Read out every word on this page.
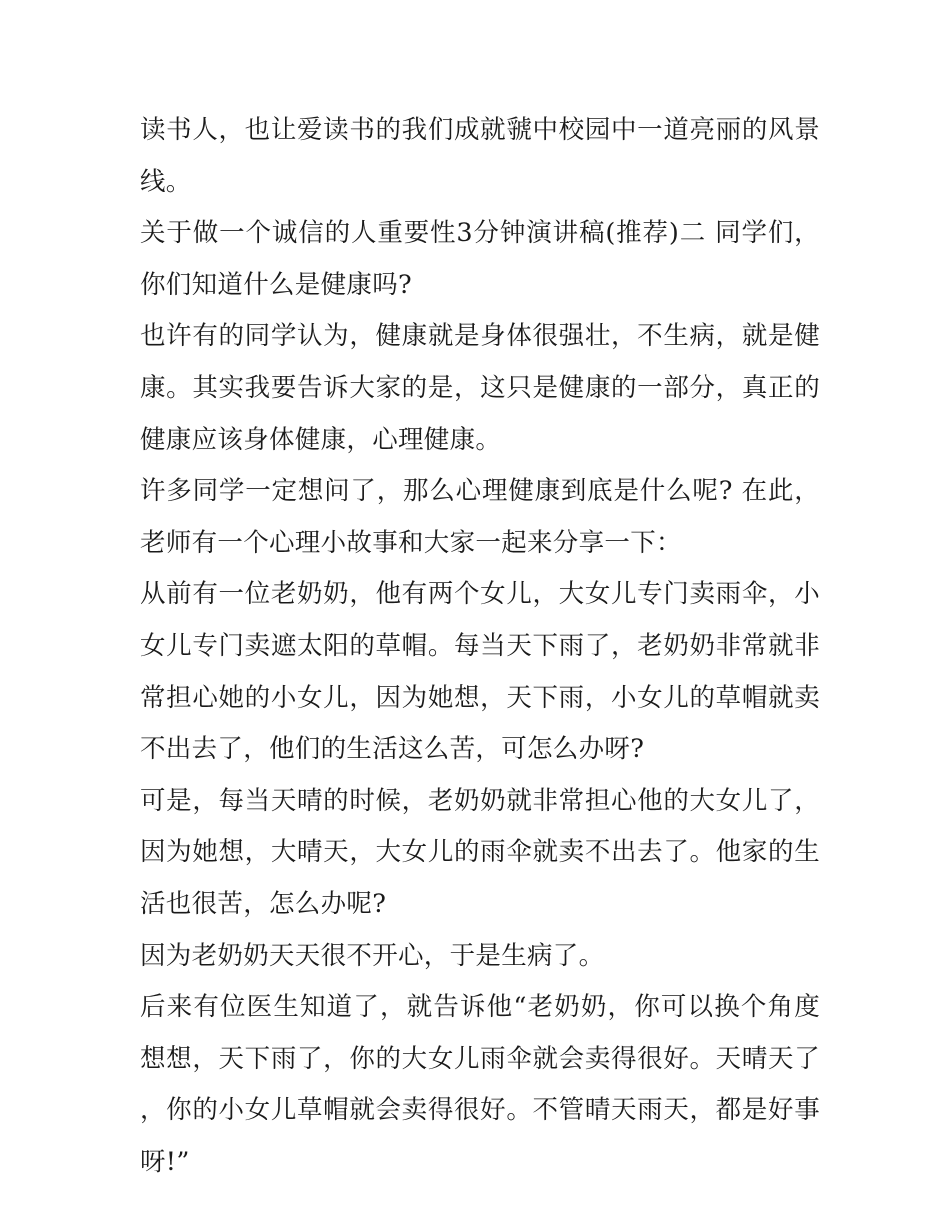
读书人，也让爱读书的我们成就虢中校园中一道亮丽的风景线。

关于做一个诚信的人重要性3分钟演讲稿(推荐)二 同学们，你们知道什么是健康吗?

也许有的同学认为，健康就是身体很强壮，不生病，就是健康。其实我要告诉大家的是，这只是健康的一部分，真正的健康应该身体健康，心理健康。

许多同学一定想问了，那么心理健康到底是什么呢? 在此，老师有一个心理小故事和大家一起来分享一下：

从前有一位老奶奶，他有两个女儿，大女儿专门卖雨伞，小女儿专门卖遮太阳的草帽。每当天下雨了，老奶奶非常就非常担心她的小女儿，因为她想，天下雨，小女儿的草帽就卖不出去了，他们的生活这么苦，可怎么办呀?

可是，每当天晴的时候，老奶奶就非常担心他的大女儿了，因为她想，大晴天，大女儿的雨伞就卖不出去了。他家的生活也很苦，怎么办呢?

因为老奶奶天天很不开心，于是生病了。

后来有位医生知道了，就告诉他“老奶奶，你可以换个角度想想，天下雨了，你的大女儿雨伞就会卖得很好。天晴天了，你的小女儿草帽就会卖得很好。不管晴天雨天，都是好事呀!”
